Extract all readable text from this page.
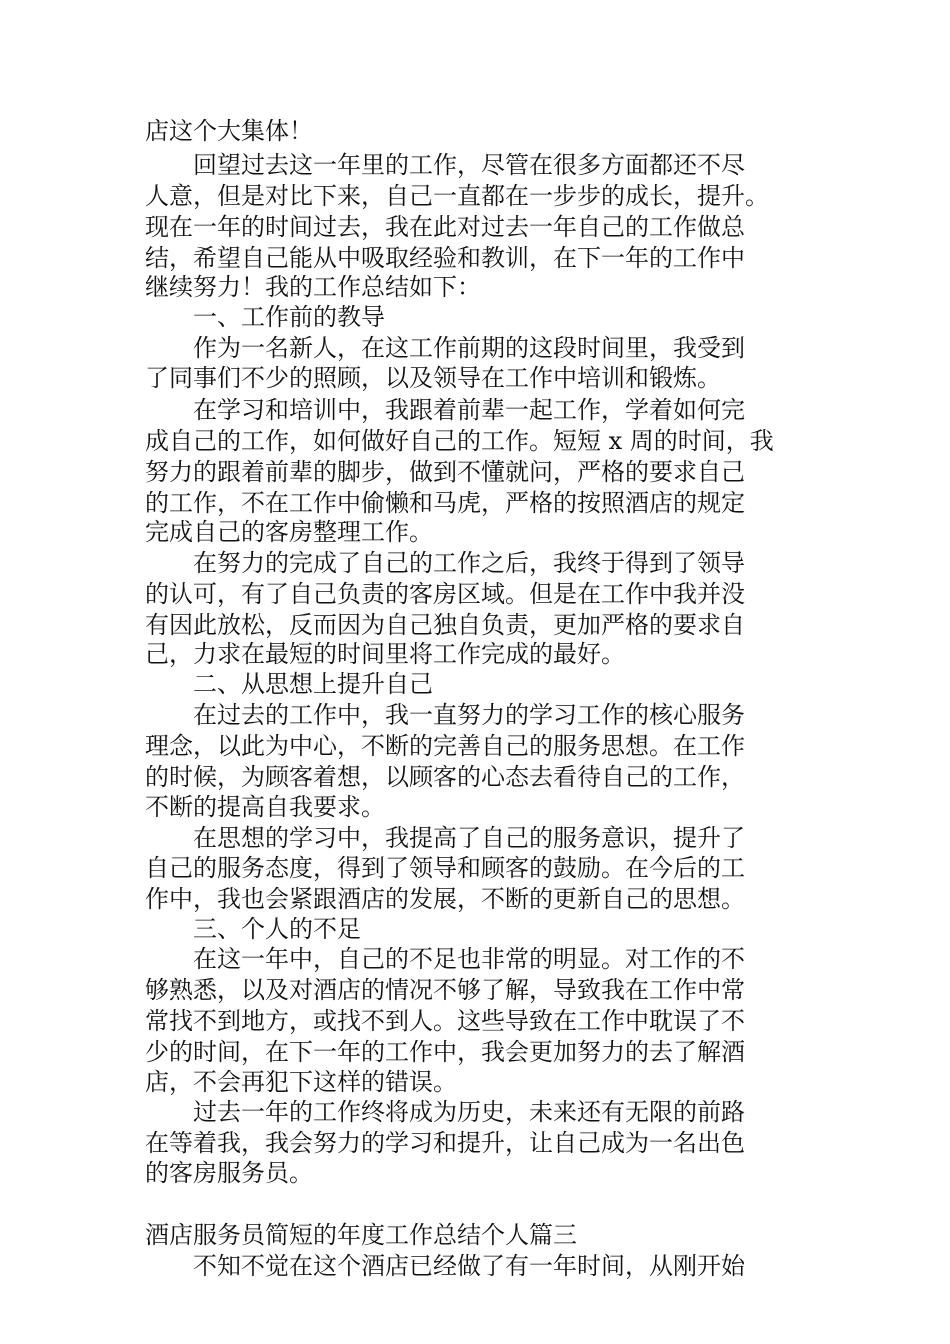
店这个大集体！

回望过去这一年里的工作，尽管在很多方面都还不尽

人意，但是对比下来，自己一直都在一步步的成长，提升。

现在一年的时间过去，我在此对过去一年自己的工作做总

结，希望自己能从中吸取经验和教训，在下一年的工作中

继续努力！我的工作总结如下：

一、工作前的教导

作为一名新人，在这工作前期的这段时间里，我受到

了同事们不少的照顾，以及领导在工作中培训和锻炼。

在学习和培训中，我跟着前辈一起工作，学着如何完

成自己的工作，如何做好自己的工作。短短 x 周的时间，我

努力的跟着前辈的脚步，做到不懂就问，严格的要求自己

的工作，不在工作中偷懒和马虎，严格的按照酒店的规定

完成自己的客房整理工作。

在努力的完成了自己的工作之后，我终于得到了领导

的认可，有了自己负责的客房区域。但是在工作中我并没

有因此放松，反而因为自己独自负责，更加严格的要求自

己，力求在最短的时间里将工作完成的最好。

二、从思想上提升自己

在过去的工作中，我一直努力的学习工作的核心服务

理念，以此为中心，不断的完善自己的服务思想。在工作

的时候，为顾客着想，以顾客的心态去看待自己的工作，

不断的提高自我要求。

在思想的学习中，我提高了自己的服务意识，提升了

自己的服务态度，得到了领导和顾客的鼓励。在今后的工

作中，我也会紧跟酒店的发展，不断的更新自己的思想。

三、个人的不足

在这一年中，自己的不足也非常的明显。对工作的不

够熟悉，以及对酒店的情况不够了解，导致我在工作中常

常找不到地方，或找不到人。这些导致在工作中耽误了不

少的时间，在下一年的工作中，我会更加努力的去了解酒

店，不会再犯下这样的错误。

过去一年的工作终将成为历史，未来还有无限的前路

在等着我，我会努力的学习和提升，让自己成为一名出色

的客房服务员。

酒店服务员简短的年度工作总结个人篇三

不知不觉在这个酒店已经做了有一年时间，从刚开始
